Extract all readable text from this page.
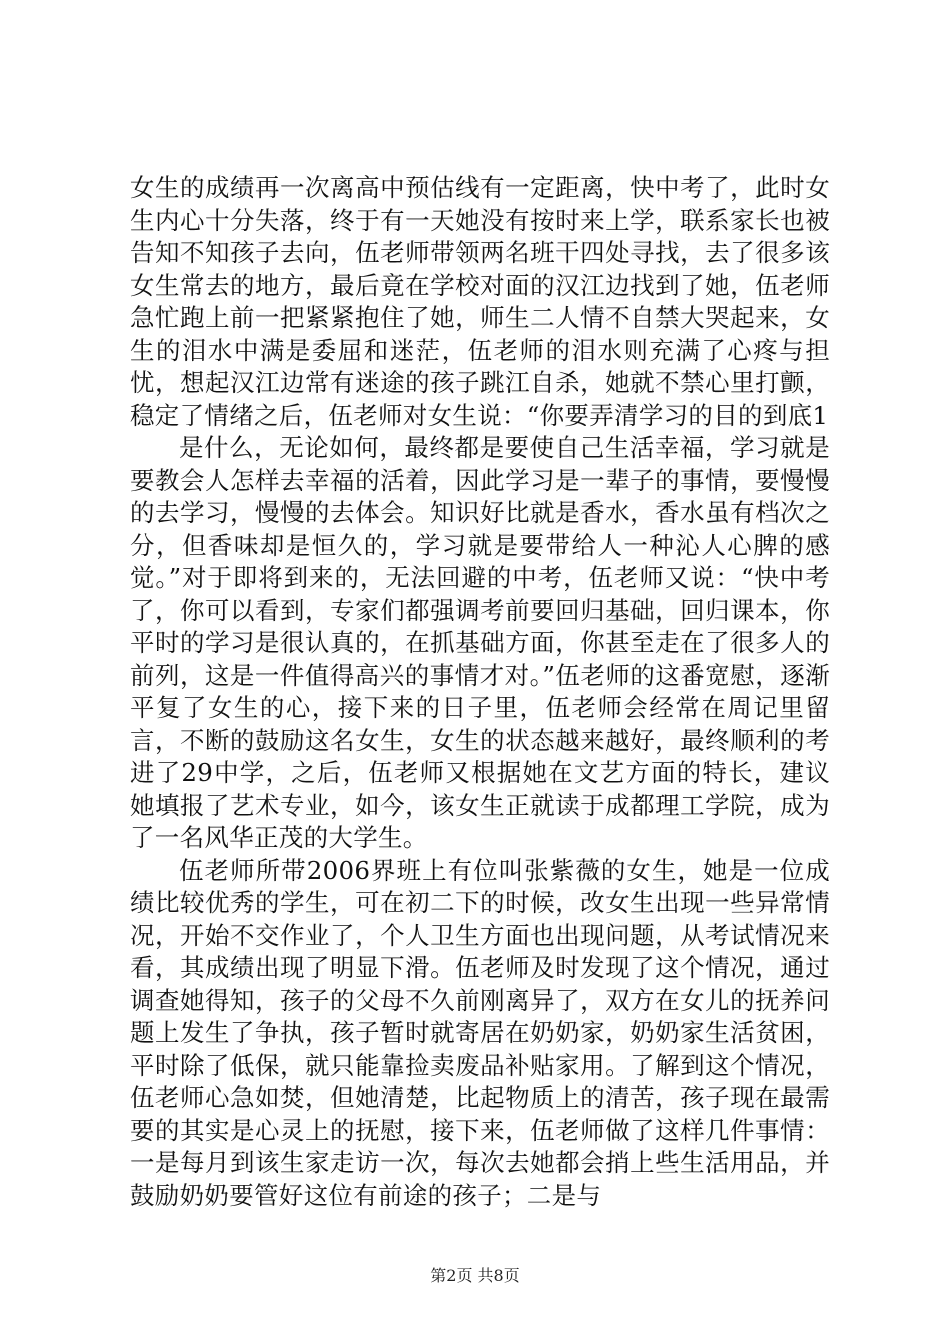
女生的成绩再一次离高中预估线有一定距离，快中考了，此时女生内心十分失落，终于有一天她没有按时来上学，联系家长也被告知不知孩子去向，伍老师带领两名班干四处寻找，去了很多该女生常去的地方，最后竟在学校对面的汉江边找到了她，伍老师急忙跑上前一把紧紧抱住了她，师生二人情不自禁大哭起来，女生的泪水中满是委屈和迷茫，伍老师的泪水则充满了心疼与担忧，想起汉江边常有迷途的孩子跳江自杀，她就不禁心里打颤，稳定了情绪之后，伍老师对女生说：“你要弄清学习的目的到底1

是什么，无论如何，最终都是要使自己生活幸福，学习就是要教会人怎样去幸福的活着，因此学习是一辈子的事情，要慢慢的去学习，慢慢的去体会。知识好比就是香水，香水虽有档次之分，但香味却是恒久的，学习就是要带给人一种沁人心脾的感觉。”对于即将到来的，无法回避的中考，伍老师又说：“快中考了，你可以看到，专家们都强调考前要回归基础，回归课本，你平时的学习是很认真的，在抓基础方面，你甚至走在了很多人的前列，这是一件值得高兴的事情才对。”伍老师的这番宽慰，逐渐平复了女生的心，接下来的日子里，伍老师会经常在周记里留言，不断的鼓励这名女生，女生的状态越来越好，最终顺利的考进了29中学，之后，伍老师又根据她在文艺方面的特长，建议她填报了艺术专业，如今，该女生正就读于成都理工学院，成为了一名风华正茂的大学生。

伍老师所带2006界班上有位叫张紫薇的女生，她是一位成绩比较优秀的学生，可在初二下的时候，改女生出现一些异常情况，开始不交作业了，个人卫生方面也出现问题，从考试情况来看，其成绩出现了明显下滑。伍老师及时发现了这个情况，通过调查她得知，孩子的父母不久前刚离异了，双方在女儿的抚养问题上发生了争执，孩子暂时就寄居在奶奶家，奶奶家生活贫困，平时除了低保，就只能靠捡卖废品补贴家用。了解到这个情况，伍老师心急如焚，但她清楚，比起物质上的清苦，孩子现在最需要的其实是心灵上的抚慰，接下来，伍老师做了这样几件事情：一是每月到该生家走访一次，每次去她都会捎上些生活用品，并鼓励奶奶要管好这位有前途的孩子；二是与

第2页 共8页
